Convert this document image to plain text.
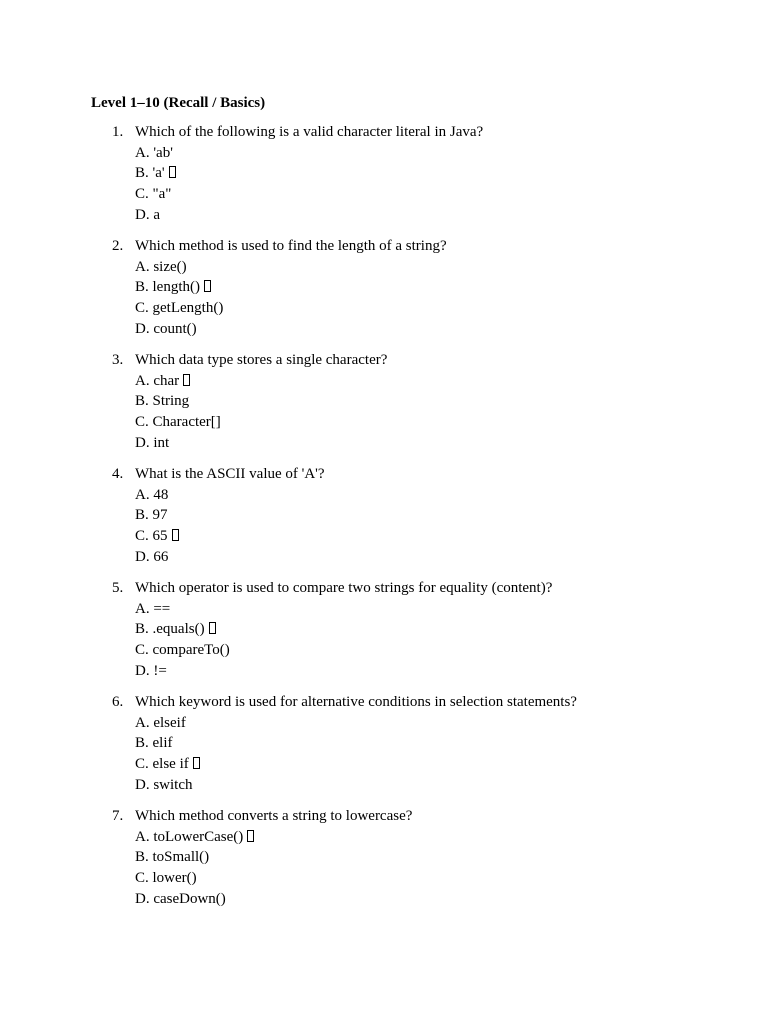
Level 1–10 (Recall / Basics)
1. Which of the following is a valid character literal in Java?
A. 'ab'
B. 'a'
C. "a"
D. a
2. Which method is used to find the length of a string?
A. size()
B. length()
C. getLength()
D. count()
3. Which data type stores a single character?
A. char
B. String
C. Character[]
D. int
4. What is the ASCII value of 'A'?
A. 48
B. 97
C. 65
D. 66
5. Which operator is used to compare two strings for equality (content)?
A. ==
B. .equals()
C. compareTo()
D. !=
6. Which keyword is used for alternative conditions in selection statements?
A. elseif
B. elif
C. else if
D. switch
7. Which method converts a string to lowercase?
A. toLowerCase()
B. toSmall()
C. lower()
D. caseDown()
